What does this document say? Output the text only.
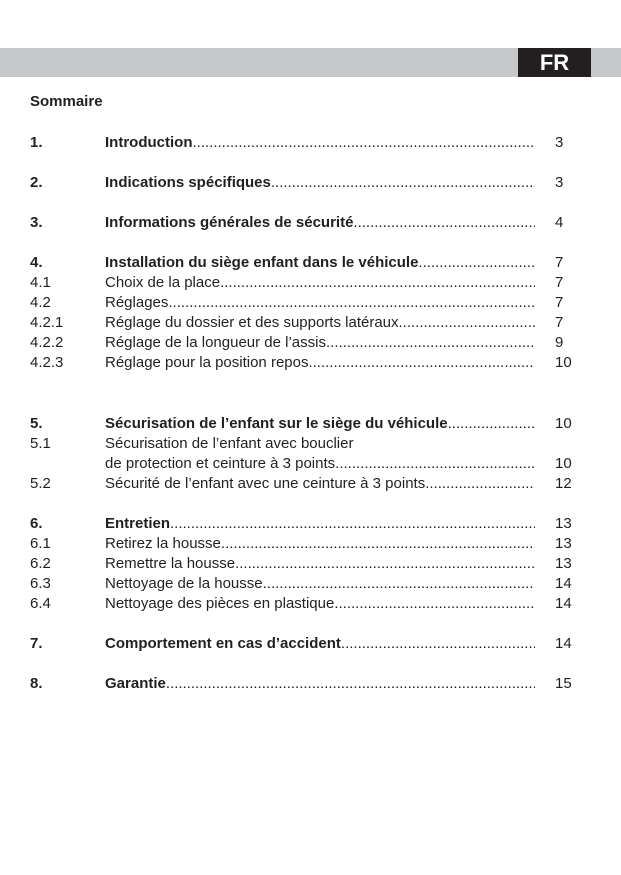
FR
Sommaire
1.	Introduction .....	3
2.	Indications spécifiques .....	3
3.	Informations générales de sécurité .....	4
4.	Installation du siège enfant dans le véhicule .....	7
4.1	Choix de la place .....	7
4.2	Réglages .....	7
4.2.1	Réglage du dossier et des supports latéraux .....	7
4.2.2	Réglage de la longueur de l’assis .....	9
4.2.3	Réglage pour la position repos .....	10
5.	Sécurisation de l’enfant sur le siège du véhicule .....	10
5.1	Sécurisation de l’enfant avec bouclier
de protection et ceinture à 3 points .....	10
5.2	Sécurité de l’enfant avec une ceinture à 3 points .....	12
6.	Entretien .....	13
6.1	Retirez la housse .....	13
6.2	Remettre la housse .....	13
6.3	Nettoyage de la housse .....	14
6.4	Nettoyage des pièces en plastique .....	14
7.	Comportement en cas d’accident .....	14
8.	Garantie .....	15
